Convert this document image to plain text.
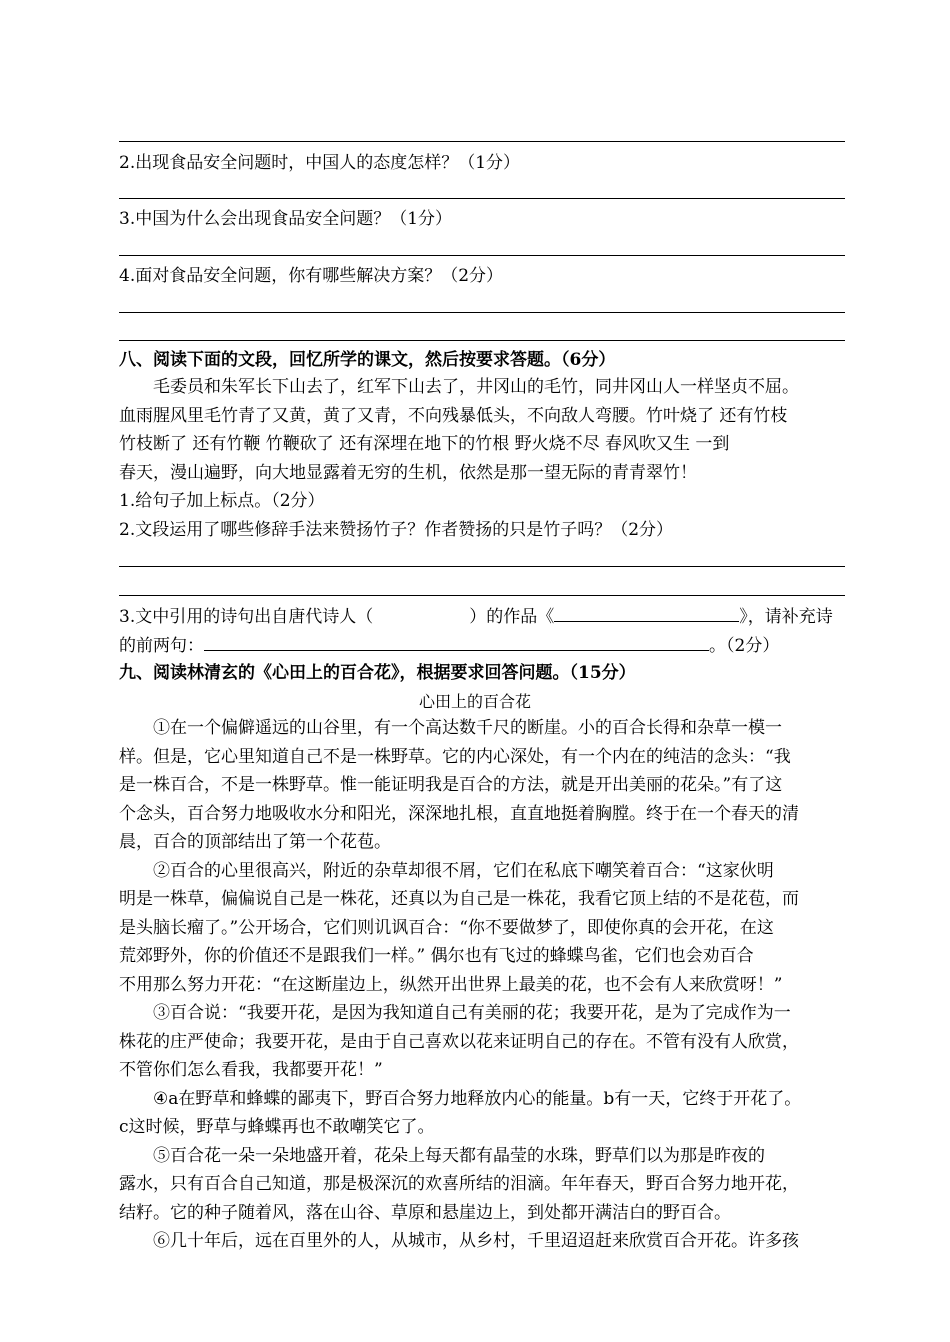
2.出现食品安全问题时，中国人的态度怎样？（1分）
3.中国为什么会出现食品安全问题？（1分）
4.面对食品安全问题，你有哪些解决方案？（2分）
八、阅读下面的文段，回忆所学的课文，然后按要求答题。（6分）
毛委员和朱军长下山去了，红军下山去了，井冈山的毛竹，同井冈山人一样坚贞不屈。
血雨腥风里毛竹青了又黄，黄了又青，不向残暴低头，不向敌人弯腰。竹叶烧了 还有竹枝
竹枝断了 还有竹鞭 竹鞭砍了 还有深埋在地下的竹根 野火烧不尽 春风吹又生 一到
春天，漫山遍野，向大地显露着无穷的生机，依然是那一望无际的青青翠竹！
1.给句子加上标点。（2分）
2.文段运用了哪些修辞手法来赞扬竹子？作者赞扬的只是竹子吗？（2分）
3.文中引用的诗句出自唐代诗人（	）的作品《	》，请补充诗
的前两句：	。（2分）
九、阅读林清玄的《心田上的百合花》，根据要求回答问题。（15分）
心田上的百合花
①在一个偏僻遥远的山谷里，有一个高达数千尺的断崖。小的百合长得和杂草一模一
样。但是，它心里知道自己不是一株野草。它的内心深处，有一个内在的纯洁的念头：“我
是一株百合，不是一株野草。惟一能证明我是百合的方法，就是开出美丽的花朵。”有了这
个念头，百合努力地吸收水分和阳光，深深地扎根，直直地挺着胸膛。终于在一个春天的清
晨，百合的顶部结出了第一个花苞。
②百合的心里很高兴，附近的杂草却很不屑，它们在私底下嘲笑着百合：“这家伙明
明是一株草，偏偏说自己是一株花，还真以为自己是一株花，我看它顶上结的不是花苞，而
是头脑长瘤了。”公开场合，它们则讥讽百合：“你不要做梦了，即使你真的会开花，在这
荒郊野外，你的价值还不是跟我们一样。” 偶尔也有飞过的蜂蝶鸟雀，它们也会劝百合
不用那么努力开花：“在这断崖边上，纵然开出世界上最美的花，也不会有人来欣赏呀！”
③百合说：“我要开花，是因为我知道自己有美丽的花；我要开花，是为了完成作为一
株花的庄严使命；我要开花，是由于自己喜欢以花来证明自己的存在。不管有没有人欣赏，
不管你们怎么看我，我都要开花！”
④a在野草和蜂蝶的鄙夷下，野百合努力地释放内心的能量。b有一天，它终于开花了。
c这时候，野草与蜂蝶再也不敢嘲笑它了。
⑤百合花一朵一朵地盛开着，花朵上每天都有晶莹的水珠，野草们以为那是昨夜的
露水，只有百合自己知道，那是极深沉的欢喜所结的泪滴。年年春天，野百合努力地开花，
结籽。它的种子随着风，落在山谷、草原和悬崖边上，到处都开满洁白的野百合。
⑥几十年后，远在百里外的人，从城市，从乡村，千里迢迢赶来欣赏百合开花。许多孩
